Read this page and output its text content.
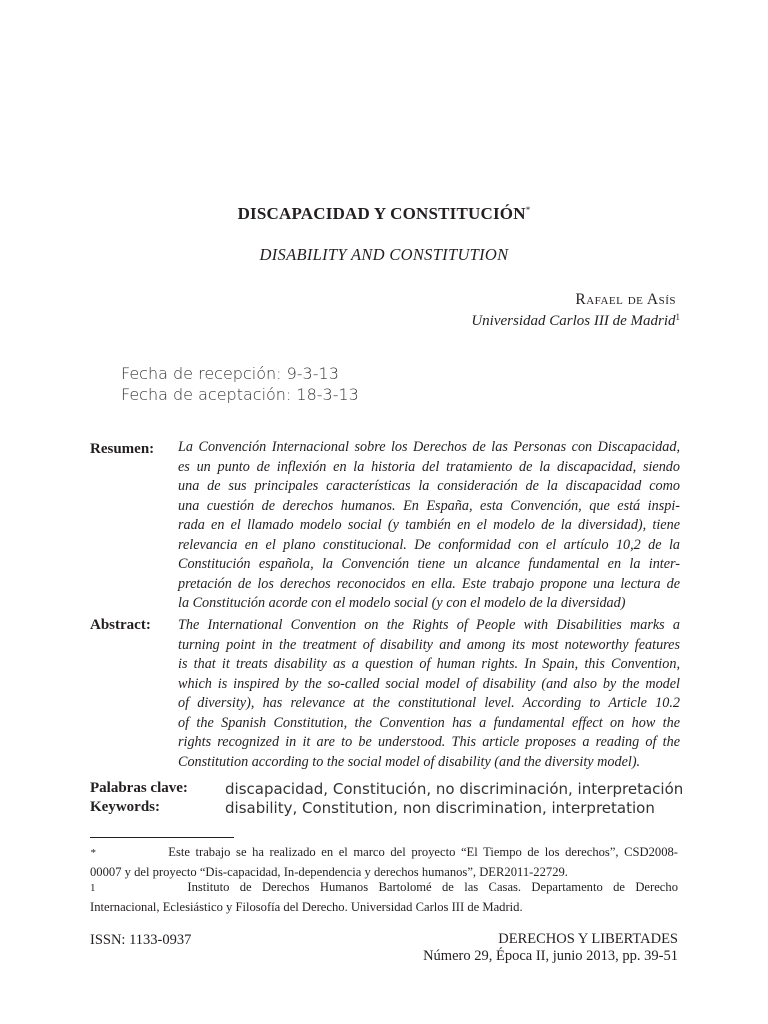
DISCAPACIDAD Y CONSTITUCIÓN*
DISABILITY AND CONSTITUTION
Rafael de Asís
Universidad Carlos III de Madrid$^1$
Fecha de recepción: 9-3-13
Fecha de aceptación: 18-3-13
Resumen: La Convención Internacional sobre los Derechos de las Personas con Discapacidad,
es un punto de inflexión en la historia del tratamiento de la discapacidad, siendo
una de sus principales características la consideración de la discapacidad como
una cuestión de derechos humanos. En España, esta Convención, que está inspi-
rada en el llamado modelo social (y también en el modelo de la diversidad), tiene
relevancia en el plano constitucional. De conformidad con el artículo 10,2 de la
Constitución española, la Convención tiene un alcance fundamental en la inter-
pretación de los derechos reconocidos en ella. Este trabajo propone una lectura de
la Constitución acorde con el modelo social (y con el modelo de la diversidad)
Abstract: The International Convention on the Rights of People with Disabilities marks a
turning point in the treatment of disability and among its most noteworthy features
is that it treats disability as a question of human rights. In Spain, this Convention,
which is inspired by the so-called social model of disability (and also by the model
of diversity), has relevance at the constitutional level. According to Article 10.2
of the Spanish Constitution, the Convention has a fundamental effect on how the
rights recognized in it are to be understood. This article proposes a reading of the
Constitution according to the social model of disability (and the diversity model).
Palabras clave: discapacidad, Constitución, no discriminación, interpretación
Keywords:	disability, Constitution, non discrimination, interpretation
*	Este trabajo se ha realizado en el marco del proyecto “El Tiempo de los derechos”, CSD2008-
00007 y del proyecto “Dis-capacidad, In-dependencia y derechos humanos”, DER2011-22729.
1	Instituto de Derechos Humanos Bartolomé de las Casas. Departamento de Derecho
Internacional, Eclesiástico y Filosofía del Derecho. Universidad Carlos III de Madrid.
ISSN: 1133-0937	DERECHOS Y LIBERTADES
Número 29, Época II, junio 2013, pp. 39-51
